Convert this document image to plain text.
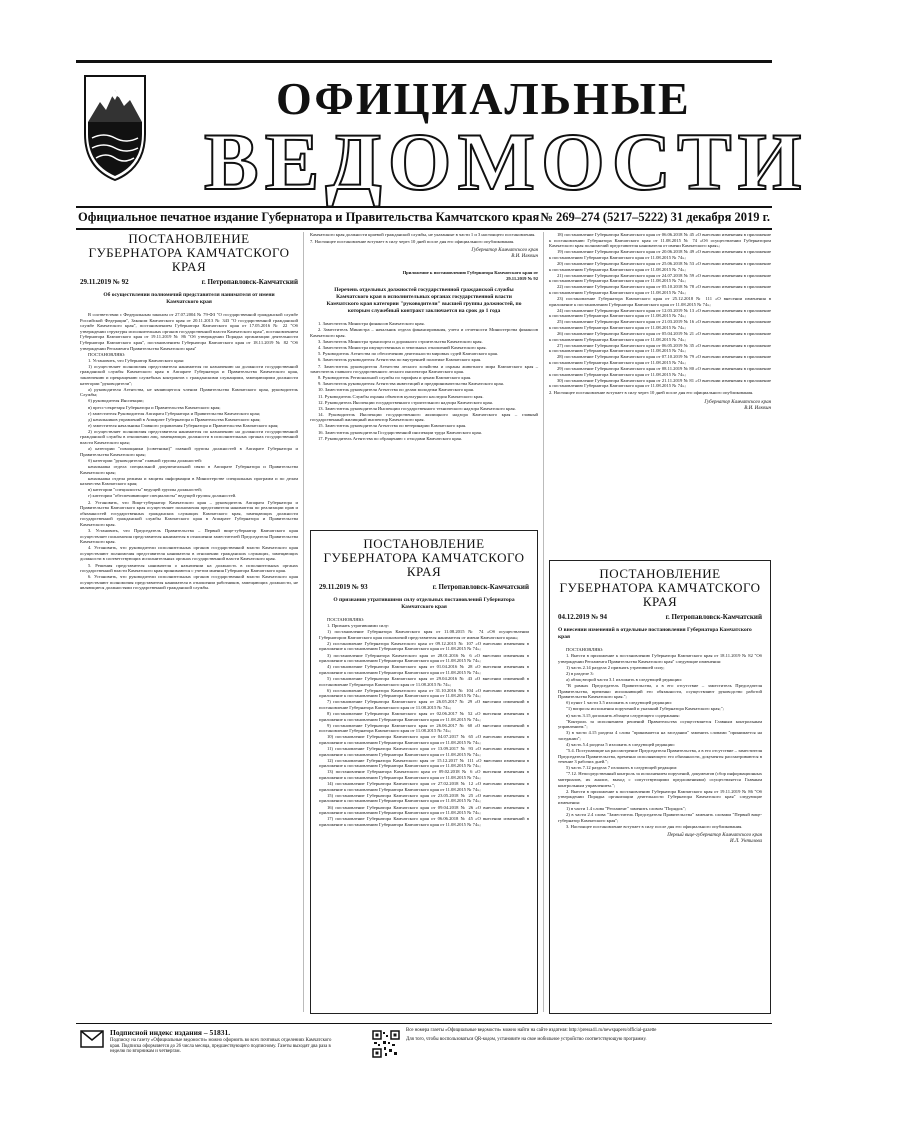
ОФИЦИАЛЬНЫЕ
ВЕДОМОСТИ
Официальное печатное издание Губернатора и Правительства Камчатского края № 269–274 (5217–5222) 31 декабря 2019 г.
ПОСТАНОВЛЕНИЕ ГУБЕРНАТОРА КАМЧАТСКОГО КРАЯ
29.11.2019 № 92	г. Петропавловск-Камчатский
Об осуществлении полномочий представителя нанимателя от имени Камчатского края

В соответствии с Федеральным законом от 27.07.2004 № 79-ФЗ "О государственной гражданской службе Российской Федерации", Законом Камчатского края от 20.11.2013 № 343 "О государственной гражданской службе Камчатского края", постановлением Губернатора Камчатского края от 17.05.2016 № 22 "Об утверждении структуры исполнительных органов государственной власти Камчатского края", постановлением Губернатора Камчатского края от 19.11.2019 № 86 "Об утверждении Порядка организации деятельности Губернатора Камчатского края", постановлением Губернатора Камчатского края от 18.11.2019 № 82 "Об утверждении Регламента Правительства Камчатского края"

ПОСТАНОВЛЯЮ:

1. Установить, что Губернатор Камчатского края:

1) осуществляет полномочия представителя нанимателя по назначению на должности государственной гражданской службы Камчатского края в Аппарате Губернатора и Правительства Камчатского края, заключению и прекращению служебных контрактов с гражданскими служащими, замещающими должности категории "руководители";

а) руководителя Агентства, не являющегося членом Правительства Камчатского края, руководитель Службы;

б) руководителя Инспекции;

в) пресс-секретаря Губернатора и Правительства Камчатского края;

г) заместителя Руководителя Аппарата Губернатора и Правительства Камчатского края;

д) начальников управлений в Аппарате Губернатора и Правительства Камчатского края;

е) заместителя начальника Главного управления Губернатора и Правительства Камчатского края;

2) осуществляет полномочия представителя нанимателя по назначению на должности государственной гражданской службы в отношении лиц, замещающих должности в исполнительных органах государственной власти Камчатского края;

а) категории "помощники (советники)" главной группы должностей в Аппарате Губернатора и Правительства Камчатского края;

б) категории "руководители" главной группы должностей:

начальника отдела специальной документальной связи в Аппарате Губернатора и Правительства Камчатского края;

начальника отдела режима и защиты информации в Министерстве специальных программ и по делам казачества Камчатского края;

в) категории "специалисты" ведущей группы должностей;

г) категории "обеспечивающие специалисты" ведущей группы должностей.

2. Установить, что Вице-губернатор Камчатского края – руководитель Аппарата Губернатора и Правительства Камчатского края осуществляет полномочия представителя нанимателя по реализации прав и обязанностей государственных гражданских служащих Камчатского края, замещающих должности государственной гражданской службы Камчатского края в Аппарате Губернатора и Правительства Камчатского края.

3. Установить, что Председатель Правительства – Первый вице-губернатор Камчатского края осуществляет полномочия представителя нанимателя в отношении заместителей Председателя Правительства Камчатского края.

4. Установить, что руководители исполнительных органов государственной власти Камчатского края осуществляют полномочия представителя нанимателя в отношении гражданских служащих, замещающих должности в соответствующих исполнительных органах государственной власти Камчатского края.

5. Решения представителя нанимателя о назначении на должность в исполнительных органах государственной власти Камчатского края принимаются с учетом мнения Губернатора Камчатского края.

6. Установить, что руководители исполнительных органов государственной власти Камчатского края осуществляют полномочия представителя нанимателя в отношении работников, замещающих должности, не являющиеся должностями государственной гражданской службы.

Камчатского края должности краевой гражданской службы, не указанные в части 1 и 3 настоящего постановления.
7. Настоящее постановление вступает в силу через 10 дней после дня его официального опубликования.
Губернатор Камчатского края
В.И. Илюхин
Приложение к постановлению Губернатора Камчатского края от 29.11.2019 № 92
Перечень отдельных должностей государственной гражданской службы Камчатского края в исполнительных органах государственной власти Камчатского края категории "руководители" высшей группы должностей, по которым служебный контракт заключается на срок до 1 года

1. Заместитель Министра финансов Камчатского края.

2. Заместитель Министра – начальник отдела финансирования, учета и отчетности Министерства финансов Камчатского края.

3. Заместитель Министра транспорта и дорожного строительства Камчатского края.

4. Заместитель Министра имущественных и земельных отношений Камчатского края.

5. Руководитель Агентства по обеспечению деятельности мировых судей Камчатского края.

6. Заместитель руководителя Агентства по внутренней политике Камчатского края.

7. Заместитель руководителя Агентства лесного хозяйства и охраны животного мира Камчатского края – заместитель главного государственного лесного инспектора Камчатского края.

8. Руководитель Региональной службы по тарифам и ценам Камчатского края.

9. Заместитель руководителя Агентства инвестиций и предпринимательства Камчатского края.

10. Заместитель руководителя Агентства по делам молодежи Камчатского края.

11. Руководитель Службы охраны объектов культурного наследия Камчатского края.

12. Руководитель Инспекции государственного строительного надзора Камчатского края.

13. Заместитель руководителя Инспекции государственного технического надзора Камчатского края.

14. Руководитель Инспекции государственного жилищного надзора Камчатского края – главный государственный жилищный инспектор Камчатского края.

15. Заместитель руководителя Агентства по ветеринарии Камчатского края.

16. Заместитель руководителя Государственной инспекции труда Камчатского края.

17. Руководитель Агентства по обращению с отходами Камчатского края.

ПОСТАНОВЛЕНИЕ ГУБЕРНАТОРА КАМЧАТСКОГО КРАЯ
29.11.2019 № 93	г. Петропавловск-Камчатский
О признании утратившими силу отдельных постановлений Губернатора Камчатского края

ПОСТАНОВЛЯЮ:

1. Признать утратившими силу:

1) постановление Губернатора Камчатского края от 11.08.2015 № 74 «Об осуществлении Губернатором Камчатского края полномочий представителя нанимателя от имени Камчатского края»;

2) постановление Губернатора Камчатского края от 09.12.2015 № 107 «О внесении изменения в приложение к постановлению Губернатора Камчатского края от 11.08.2015 № 74»;

3) постановление Губернатора Камчатского края от 28.01.2016 № 6 «О внесении изменения в приложение к постановлению Губернатора Камчатского края от 11.08.2015 № 74»;

4) постановление Губернатора Камчатского края от 01.04.2016 № 28 «О внесении изменения в приложение к постановлению Губернатора Камчатского края от 11.08.2015 № 74»;

5) постановление Губернатора Камчатского края от 29.04.2016 № 43 «О внесении изменений в постановление Губернатора Камчатского края от 11.08.2015 № 74»;

6) постановление Губернатора Камчатского края от 31.10.2016 № 104 «О внесении изменения в приложение к постановлению Губернатора Камчатского края от 11.08.2015 № 74»;

7) постановление Губернатора Камчатского края от 26.05.2017 № 29 «О внесении изменений в постановление Губернатора Камчатского края от 11.08.2015 № 74»;

8) постановление Губернатора Камчатского края от 02.06.2017 № 52 «О внесении изменения в приложение к постановлению Губернатора Камчатского края от 11.08.2015 № 74»;

9) постановление Губернатора Камчатского края от 26.06.2017 № 60 «О внесении изменений в постановление Губернатора Камчатского края от 11.08.2015 № 74»;

10) постановление Губернатора Камчатского края от 04.07.2017 № 65 «О внесении изменения в приложение к постановлению Губернатора Камчатского края от 11.08.2015 № 74»;

11) постановление Губернатора Камчатского края от 13.09.2017 № 93 «О внесении изменения в приложение к постановлению Губернатора Камчатского края от 11.08.2015 № 74»;

12) постановление Губернатора Камчатского края от 15.12.2017 № 111 «О внесении изменения в приложение к постановлению Губернатора Камчатского края от 11.08.2015 № 74»;

13) постановление Губернатора Камчатского края от 09.02.2018 № 6 «О внесении изменения в приложение к постановлению Губернатора Камчатского края от 11.08.2015 № 74»;

14) постановление Губернатора Камчатского края от 27.02.2018 № 12 «О внесении изменения в приложение к постановлению Губернатора Камчатского края от 11.08.2015 № 74»;

15) постановление Губернатора Камчатского края от 23.05.2018 № 25 «О внесении изменения в приложение к постановлению Губернатора Камчатского края от 11.08.2015 № 74»;

16) постановление Губернатора Камчатского края от 09.04.2018 № 26 «О внесении изменения в приложение к постановлению Губернатора Камчатского края от 11.08.2015 № 74»;

17) постановление Губернатора Камчатского края от 06.06.2018 № 45 «О внесении изменений в приложение к постановлению Губернатора Камчатского края от 11.08.2015 № 74»;

18) постановление Губернатора Камчатского края от 06.06.2018 № 45 «О внесении изменения в приложение к постановлению Губернатора Камчатского края от 11.08.2015 № 74 «Об осуществлении Губернатором Камчатского края полномочий представителя нанимателя от имени Камчатского края»;

19) постановление Губернатора Камчатского края от 20.06.2018 № 49 «О внесении изменения в приложение к постановлению Губернатора Камчатского края от 11.08.2015 № 74»;

20) постановление Губернатора Камчатского края от 25.06.2018 № 53 «О внесении изменения в приложение к постановлению Губернатора Камчатского края от 11.08.2015 № 74»;

21) постановление Губернатора Камчатского края от 24.07.2018 № 59 «О внесении изменения в приложение к постановлению Губернатора Камчатского края от 11.08.2015 № 74»;

22) постановление Губернатора Камчатского края от 05.10.2018 № 78 «О внесении изменения в приложение к постановлению Губернатора Камчатского края от 11.08.2015 № 74»;

23) постановление Губернатора Камчатского края от 25.12.2018 № 111 «О внесении изменения в приложение к постановлению Губернатора Камчатского края от 11.08.2015 № 74»;

24) постановление Губернатора Камчатского края от 12.03.2019 № 13 «О внесении изменения в приложение к постановлению Губернатора Камчатского края от 11.08.2015 № 74»;

25) постановление Губернатора Камчатского края от 21.03.2019 № 16 «О внесении изменения в приложение к постановлению Губернатора Камчатского края от 11.08.2015 № 74»;

26) постановление Губернатора Камчатского края от 05.04.2019 № 21 «О внесении изменения в приложение к постановлению Губернатора Камчатского края от 11.08.2015 № 74»;

27) постановление Губернатора Камчатского края от 06.05.2019 № 35 «О внесении изменения в приложение к постановлению Губернатора Камчатского края от 11.08.2015 № 74»;

28) постановление Губернатора Камчатского края от 07.10.2019 № 79 «О внесении изменения в приложение к постановлению Губернатора Камчатского края от 11.08.2015 № 74»;

29) постановление Губернатора Камчатского края от 08.11.2019 № 80 «О внесении изменения в приложение к постановлению Губернатора Камчатского края от 11.08.2015 № 74»;

30) постановление Губернатора Камчатского края от 21.11.2019 № 81 «О внесении изменения в приложение к постановлению Губернатора Камчатского края от 11.08.2015 № 74»;

2. Настоящее постановление вступает в силу через 10 дней после дня его официального опубликования.
Губернатор Камчатского края
В.И. Илюхин
ПОСТАНОВЛЕНИЕ ГУБЕРНАТОРА КАМЧАТСКОГО КРАЯ
04.12.2019 № 94	г. Петропавловск-Камчатский
О внесении изменений в отдельные постановления Губернатора Камчатского края

ПОСТАНОВЛЯЮ:

1. Внести в приложение к постановлению Губернатора Камчатского края от 18.11.2019 № 82 "Об утверждении Регламента Правительства Камчатского края" следующие изменения:

1) часть 2.14 раздела 2 признать утратившей силу;

2) в разделе 3:

а) абзац второй части 3.1 изложить в следующей редакции:

"В рамках Председатель Правительства, а в его отсутствие – заместитель Председателя Правительства, временно исполняющий его обязанности, осуществляют руководство работой Правительства Камчатского края.";

б) пункт 1 части 3.5 изложить в следующей редакции:

"1) вопросы исполнения поручений и указаний Губернатора Камчатского края;";

в) часть 3.15 дополнить абзацем следующего содержания:

"Контроль за исполнением решений Правительства осуществляется Главным контрольным управлением.";

3) в части 4.15 раздела 4 слова "принимается на заседании" заменить словами "принимается на заседании";

4) часть 5.4 раздела 5 изложить в следующей редакции:

"5.4. Поступающие на рассмотрение Председателя Правительства, а в его отсутствие – заместителя Председателя Правительства, временно исполняющего его обязанности, документы рассматриваются в течение 3 рабочих дней.";

5) часть 7.12 раздела 7 изложить в следующей редакции:

"7.12. Непосредственный контроль за исполнением поручений, документов (сбор информационных материалов, их анализ, выход с сопутствующими предложениями) осуществляется Главным контрольным управлением.";

2. Внести в приложение к постановлению Губернатора Камчатского края от 19.11.2019 № 86 "Об утверждении Порядка организации деятельности Губернатора Камчатского края" следующие изменения:

1) в части 1.4 слова "Регламент" заменить словом "Порядок";

2) в части 2.4 слова "Заместитель Председателя Правительства" заменить словами "Первый вице-губернатор Камчатского края";

3. Настоящее постановление вступает в силу после дня его официального опубликования.

Первый вице-губернатор Камчатского края
И.Л. Унтилова
Подписной индекс издания – 51831.
Подписку на газету «Официальные ведомости» можно оформить во всех почтовых отделениях Камчатского края. Подписка оформляется до 26 числа месяца, предшествующего подписному. Газеты выходят два раза в неделю по вторникам и четвергам.
Все номера газеты «Официальные ведомости» можно найти на сайте издателя: http://pressa41.ru/newspapers/official-gazette
Для того, чтобы воспользоваться QR-кодом, установите на свое мобильное устройство соответствующую программу.
